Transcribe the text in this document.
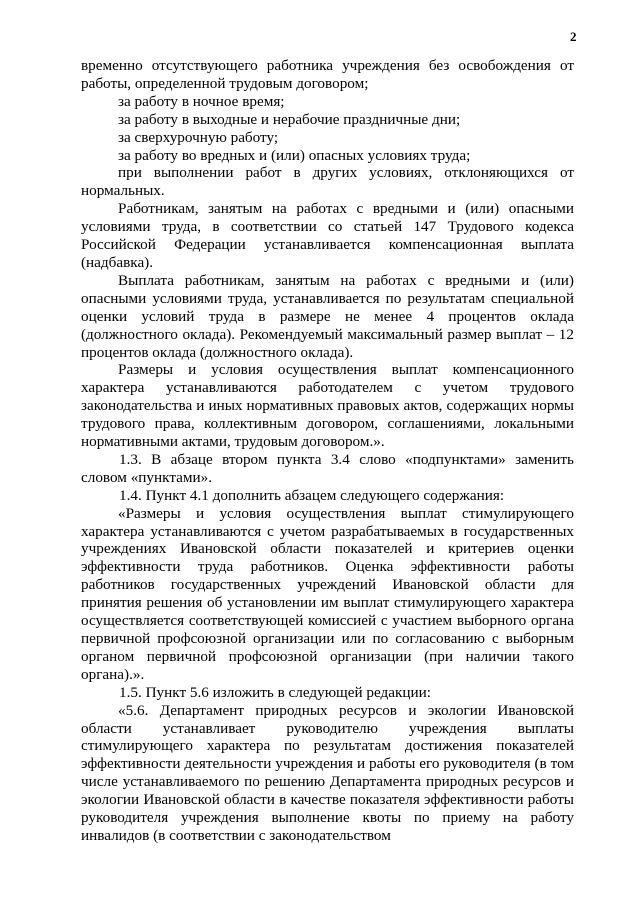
2

временно отсутствующего работника учреждения без освобождения от работы, определенной трудовым договором;

за работу в ночное время;

за работу в выходные и нерабочие праздничные дни;

за сверхурочную работу;

за работу во вредных и (или) опасных условиях труда;

при выполнении работ в других условиях, отклоняющихся от нормальных.

Работникам, занятым на работах с вредными и (или) опасными условиями труда, в соответствии со статьей 147 Трудового кодекса Российской Федерации устанавливается компенсационная выплата (надбавка).

Выплата работникам, занятым на работах с вредными и (или) опасными условиями труда, устанавливается по результатам специальной оценки условий труда в размере не менее 4 процентов оклада (должностного оклада). Рекомендуемый максимальный размер выплат – 12 процентов оклада (должностного оклада).

Размеры и условия осуществления выплат компенсационного характера устанавливаются работодателем с учетом трудового законодательства и иных нормативных правовых актов, содержащих нормы трудового права, коллективным договором, соглашениями, локальными нормативными актами, трудовым договором.».

1.3. В абзаце втором пункта 3.4 слово «подпунктами» заменить словом «пунктами».

1.4. Пункт 4.1 дополнить абзацем следующего содержания:

«Размеры и условия осуществления выплат стимулирующего характера устанавливаются с учетом разрабатываемых в государственных учреждениях Ивановской области показателей и критериев оценки эффективности труда работников. Оценка эффективности работы работников государственных учреждений Ивановской области для принятия решения об установлении им выплат стимулирующего характера осуществляется соответствующей комиссией с участием выборного органа первичной профсоюзной организации или по согласованию с выборным органом первичной профсоюзной организации (при наличии такого органа).».

1.5. Пункт 5.6 изложить в следующей редакции:

«5.6. Департамент природных ресурсов и экологии Ивановской области устанавливает руководителю учреждения выплаты стимулирующего характера по результатам достижения показателей эффективности деятельности учреждения и работы его руководителя (в том числе устанавливаемого по решению Департамента природных ресурсов и экологии Ивановской области в качестве показателя эффективности работы руководителя учреждения выполнение квоты по приему на работу инвалидов (в соответствии с законодательством
